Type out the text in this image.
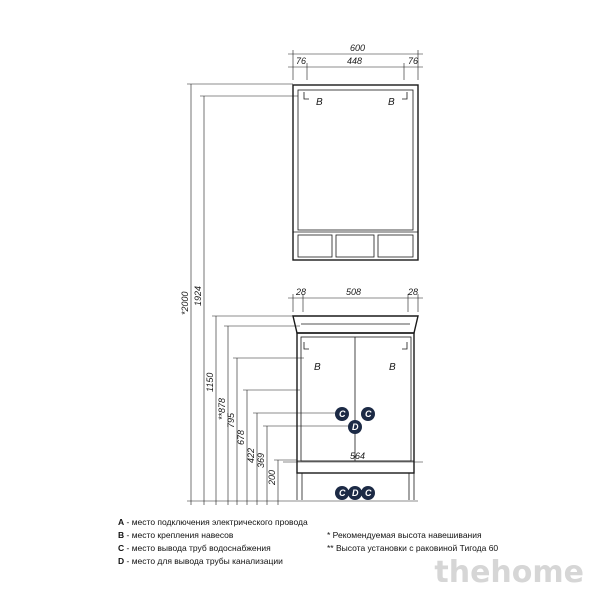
B	B
600
76	448	76
B	B
28	508	28
564
*2000 1924
1150
**878
795
678
422 369
200
C C
D
C D C
A - место подключения электрического провода
B - место крепления навесов
C - место вывода труб водоснабжения
D - место для вывода трубы канализации
* Рекомендуемая высота навешивания
** Высота установки с раковиной Тигода 60
thehome
